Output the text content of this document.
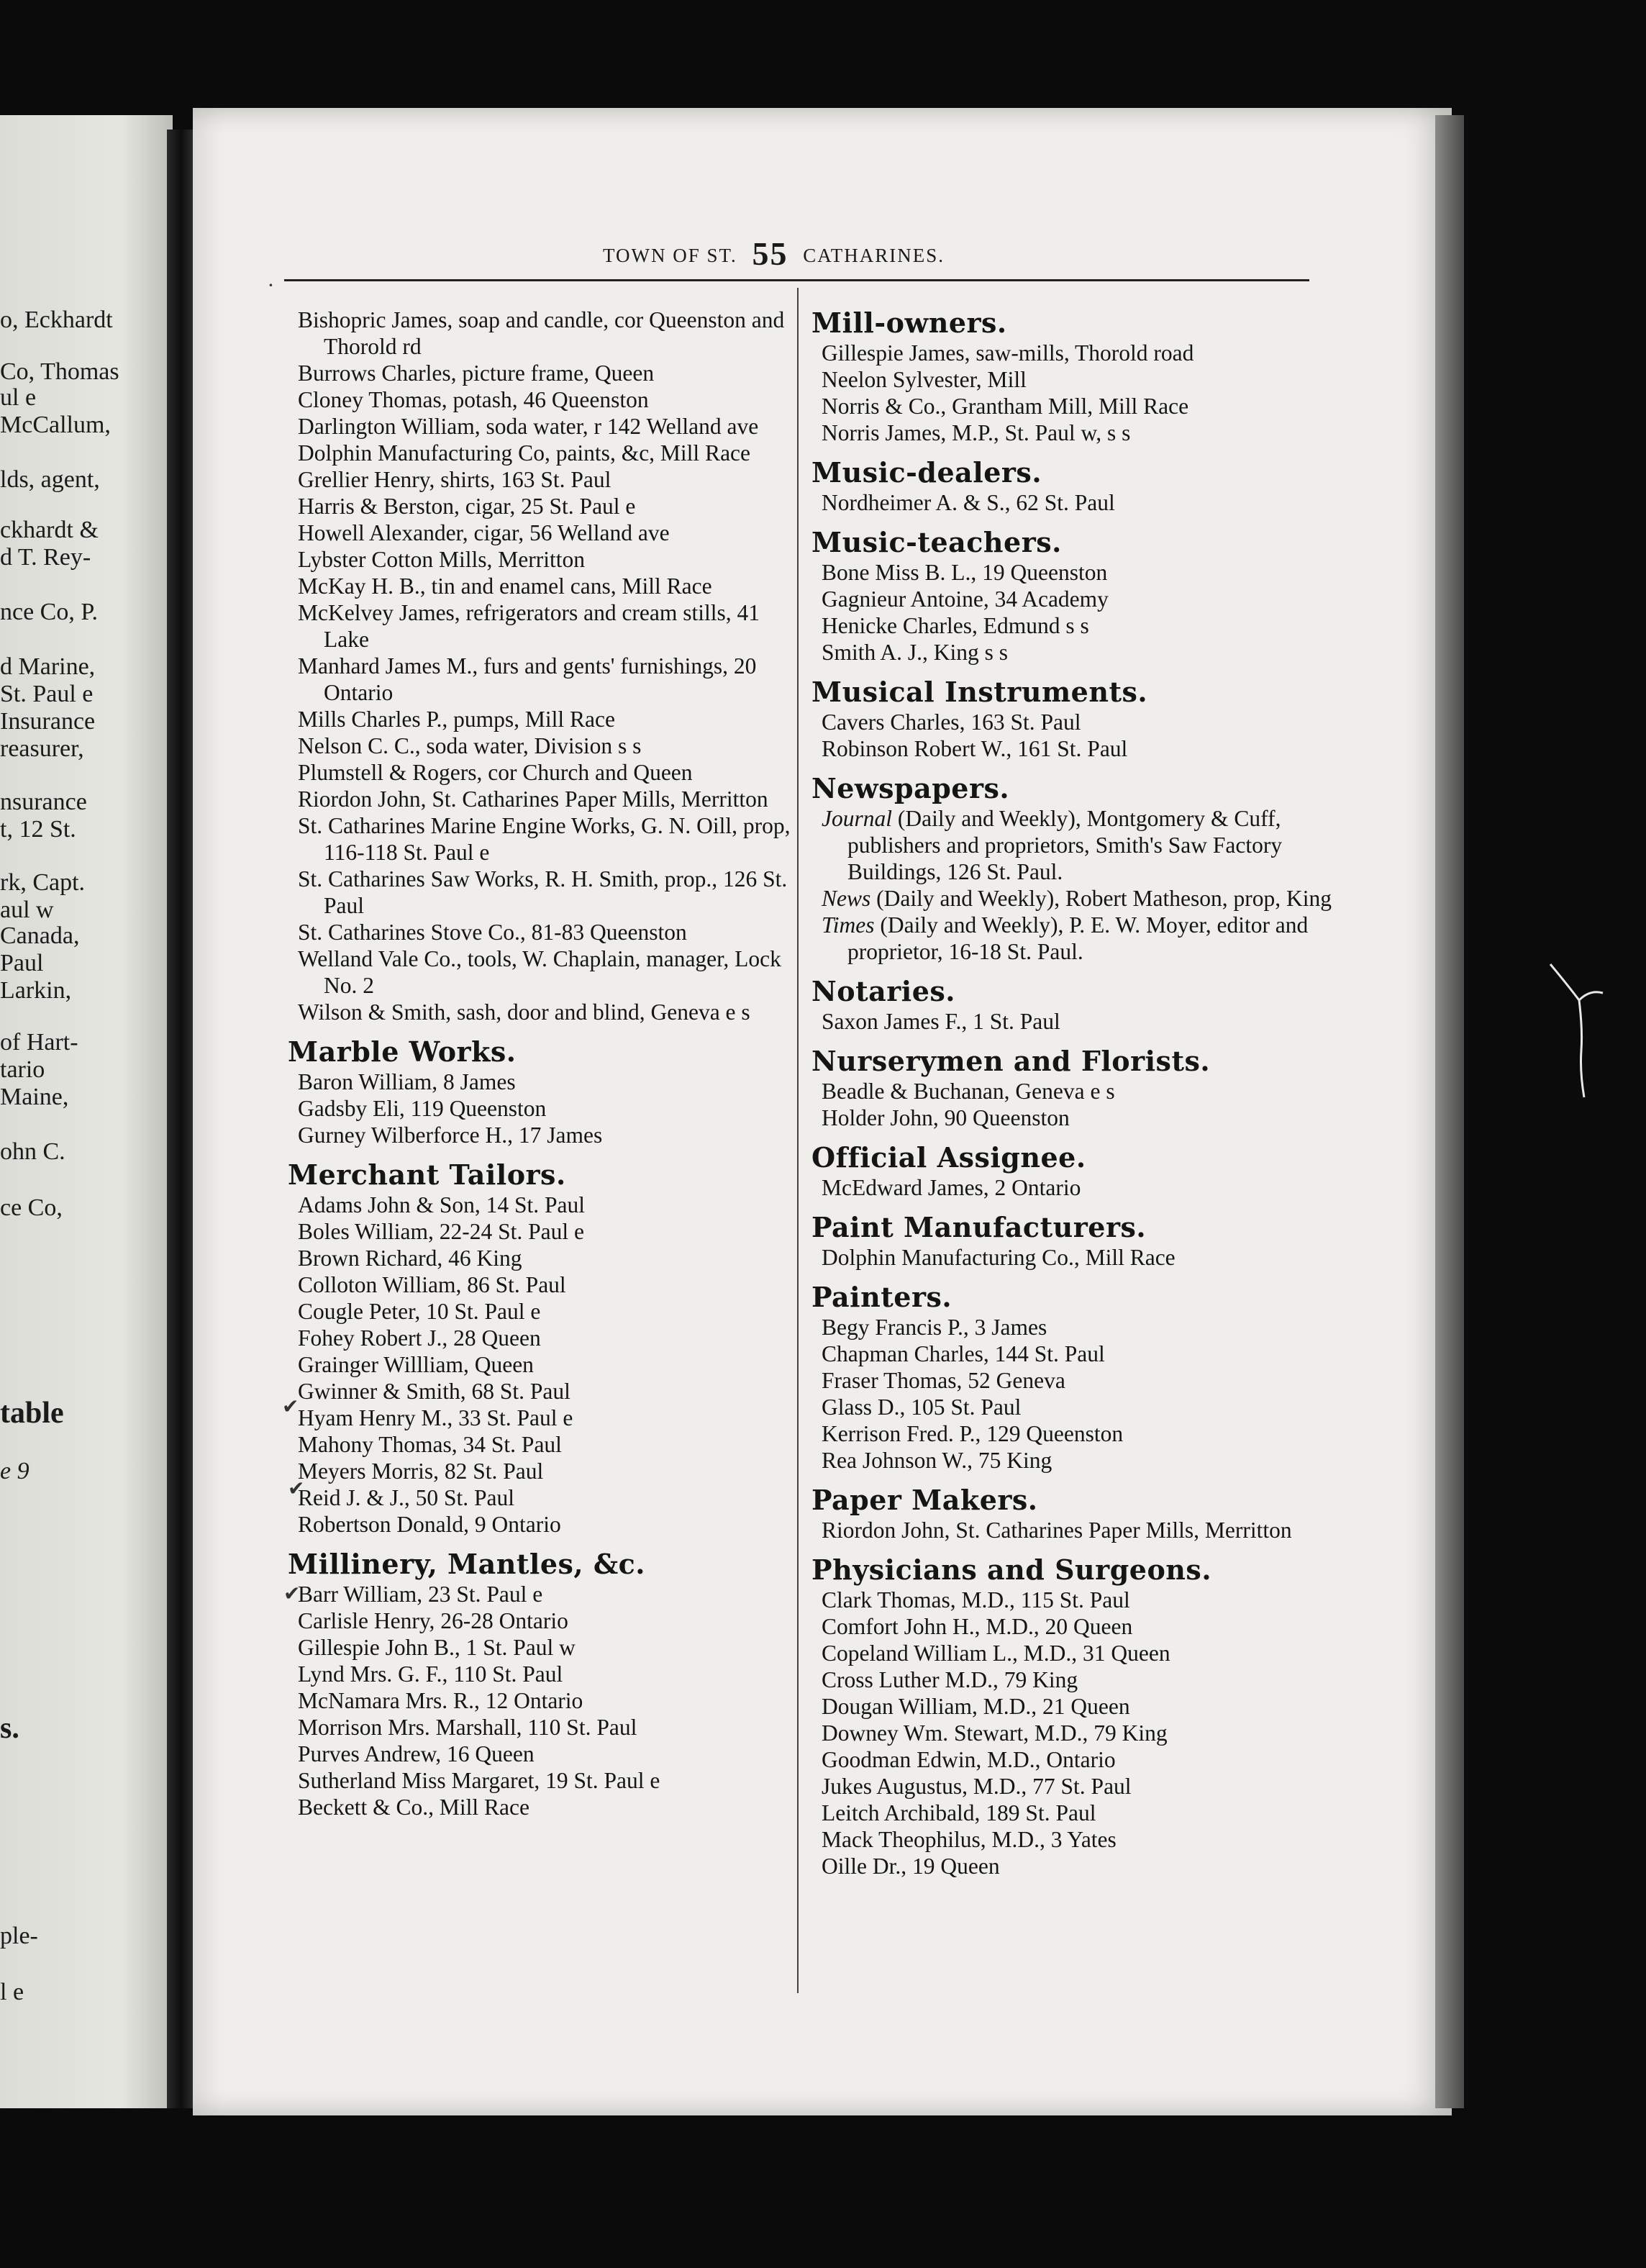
o, Eckhardt
Co, Thomas
ul e
McCallum,
lds, agent,
ckhardt &
d T. Rey-
nce Co, P.
d Marine,
St. Paul e
Insurance
reasurer,
nsurance
t, 12 St.
rk, Capt.
aul w
Canada,
Paul
Larkin,
of Hart-
tario
Maine,
ohn C.
ce Co,
table
e 9
s.
ple-
l e
TOWN OF ST. 55 CATHARINES.
Bishopric James, soap and candle, cor Queenston and Thorold rd
Burrows Charles, picture frame, Queen
Cloney Thomas, potash, 46 Queenston
Darlington William, soda water, r 142 Welland ave
Dolphin Manufacturing Co, paints, &c, Mill Race
Grellier Henry, shirts, 163 St. Paul
Harris & Berston, cigar, 25 St. Paul e
Howell Alexander, cigar, 56 Welland ave
Lybster Cotton Mills, Merritton
McKay H. B., tin and enamel cans, Mill Race
McKelvey James, refrigerators and cream stills, 41 Lake
Manhard James M., furs and gents' furnishings, 20 Ontario
Mills Charles P., pumps, Mill Race
Nelson C. C., soda water, Division s s
Plumstell & Rogers, cor Church and Queen
Riordon John, St. Catharines Paper Mills, Merritton
St. Catharines Marine Engine Works, G. N. Oill, prop, 116-118 St. Paul e
St. Catharines Saw Works, R. H. Smith, prop., 126 St. Paul
St. Catharines Stove Co., 81-83 Queenston
Welland Vale Co., tools, W. Chaplain, manager, Lock No. 2
Wilson & Smith, sash, door and blind, Geneva e s
Marble Works.
Baron William, 8 James
Gadsby Eli, 119 Queenston
Gurney Wilberforce H., 17 James
Merchant Tailors.
Adams John & Son, 14 St. Paul
Boles William, 22-24 St. Paul e
Brown Richard, 46 King
Colloton William, 86 St. Paul
Cougle Peter, 10 St. Paul e
Fohey Robert J., 28 Queen
Grainger Willliam, Queen
Gwinner & Smith, 68 St. Paul
Hyam Henry M., 33 St. Paul e
Mahony Thomas, 34 St. Paul
Meyers Morris, 82 St. Paul
Reid J. & J., 50 St. Paul
Robertson Donald, 9 Ontario
Millinery, Mantles, &c.
Barr William, 23 St. Paul e
Carlisle Henry, 26-28 Ontario
Gillespie John B., 1 St. Paul w
Lynd Mrs. G. F., 110 St. Paul
McNamara Mrs. R., 12 Ontario
Morrison Mrs. Marshall, 110 St. Paul
Purves Andrew, 16 Queen
Sutherland Miss Margaret, 19 St. Paul e
Beckett & Co., Mill Race
Mill-owners.
Gillespie James, saw-mills, Thorold road
Neelon Sylvester, Mill
Norris & Co., Grantham Mill, Mill Race
Norris James, M.P., St. Paul w, s s
Music-dealers.
Nordheimer A. & S., 62 St. Paul
Music-teachers.
Bone Miss B. L., 19 Queenston
Gagnieur Antoine, 34 Academy
Henicke Charles, Edmund s s
Smith A. J., King s s
Musical Instruments.
Cavers Charles, 163 St. Paul
Robinson Robert W., 161 St. Paul
Newspapers.
Journal (Daily and Weekly), Montgomery & Cuff, publishers and proprietors, Smith's Saw Factory Buildings, 126 St. Paul.
News (Daily and Weekly), Robert Matheson, prop, King
Times (Daily and Weekly), P. E. W. Moyer, editor and proprietor, 16-18 St. Paul.
Notaries.
Saxon James F., 1 St. Paul
Nurserymen and Florists.
Beadle & Buchanan, Geneva e s
Holder John, 90 Queenston
Official Assignee.
McEdward James, 2 Ontario
Paint Manufacturers.
Dolphin Manufacturing Co., Mill Race
Painters.
Begy Francis P., 3 James
Chapman Charles, 144 St. Paul
Fraser Thomas, 52 Geneva
Glass D., 105 St. Paul
Kerrison Fred. P., 129 Queenston
Rea Johnson W., 75 King
Paper Makers.
Riordon John, St. Catharines Paper Mills, Merritton
Physicians and Surgeons.
Clark Thomas, M.D., 115 St. Paul
Comfort John H., M.D., 20 Queen
Copeland William L., M.D., 31 Queen
Cross Luther M.D., 79 King
Dougan William, M.D., 21 Queen
Downey Wm. Stewart, M.D., 79 King
Goodman Edwin, M.D., Ontario
Jukes Augustus, M.D., 77 St. Paul
Leitch Archibald, 189 St. Paul
Mack Theophilus, M.D., 3 Yates
Oille Dr., 19 Queen
·
✔
✔
✔
